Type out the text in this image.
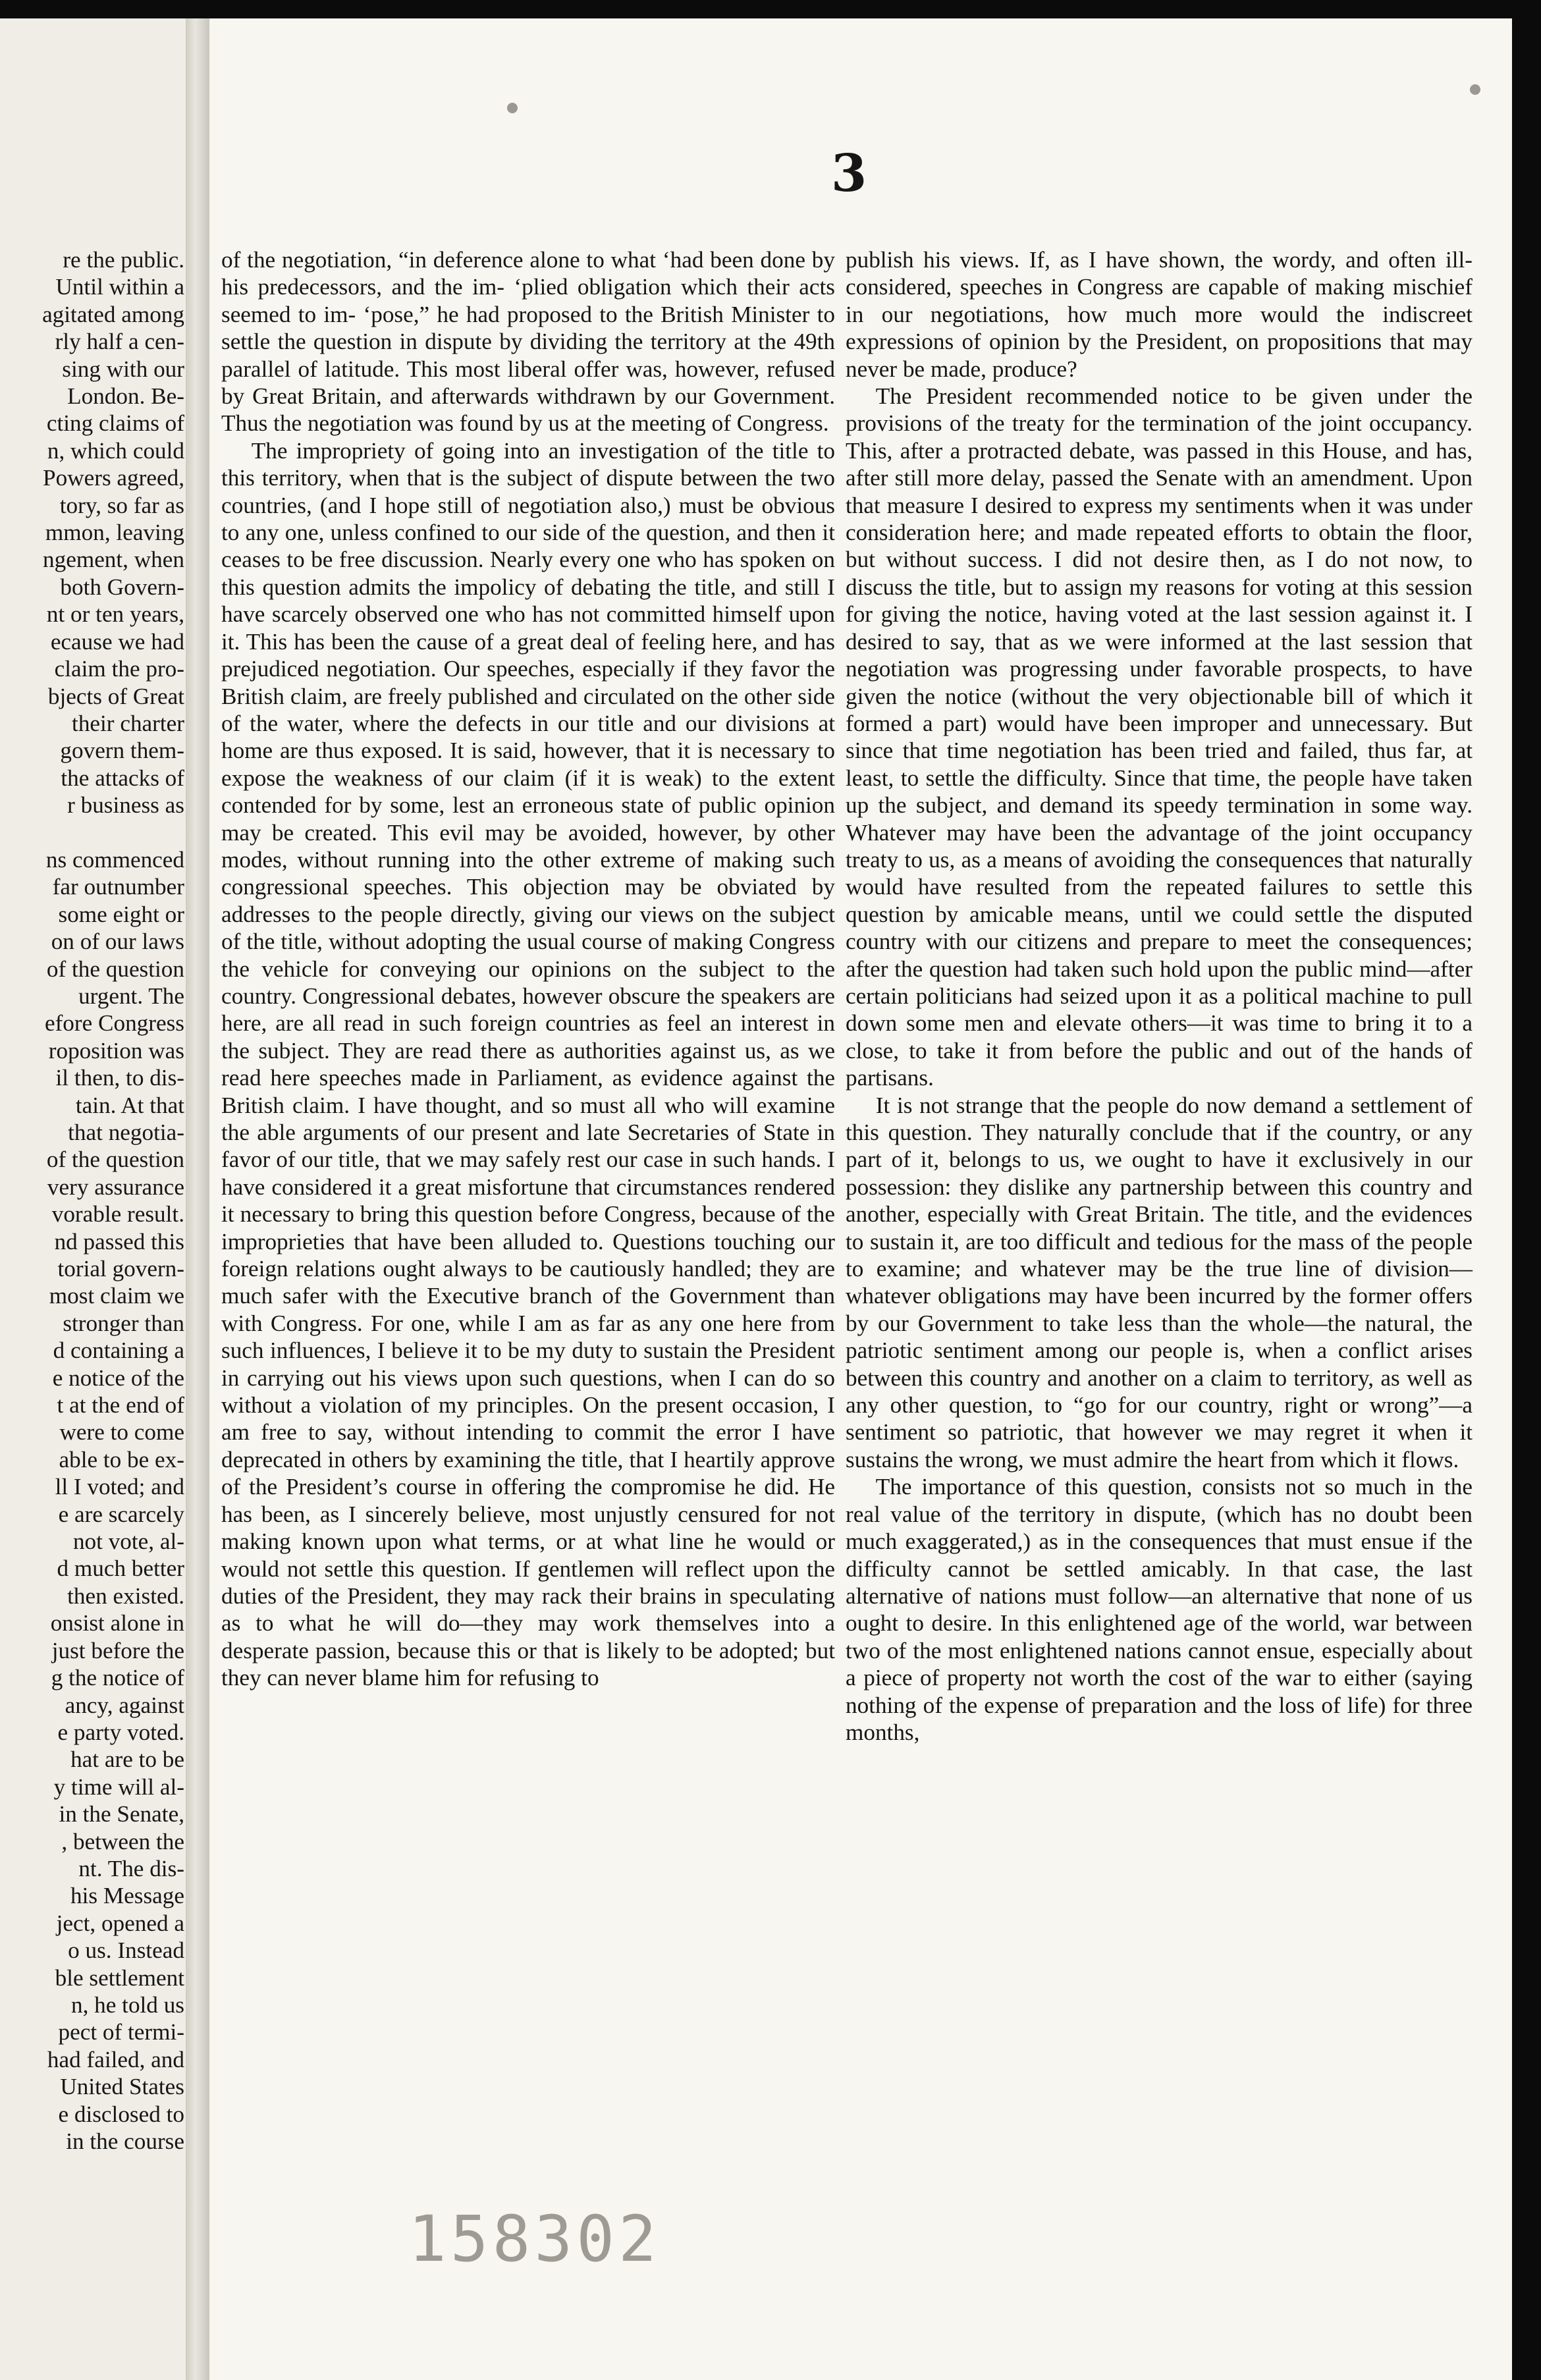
re the public.
Until within a
agitated among
rly half a cen-
sing with our
London. Be-
cting claims of
n, which could
Powers agreed,
tory, so far as
mmon, leaving
ngement, when
both Govern-
nt or ten years,
ecause we had
claim the pro-
bjects of Great
their charter
govern them-
the attacks of
r business as
ns commenced
far outnumber
some eight or
on of our laws
of the question
urgent. The
efore Congress
roposition was
il then, to dis-
tain. At that
that negotia-
of the question
very assurance
vorable result.
nd passed this
torial govern-
most claim we
stronger than
d containing a
e notice of the
t at the end of
were to come
able to be ex-
ll I voted; and
e are scarcely
not vote, al-
d much better
then existed.
onsist alone in
just before the
g the notice of
ancy, against
e party voted.
hat are to be
y time will al-
in the Senate,
, between the
nt. The dis-
his Message
ject, opened a
o us. Instead
ble settlement
n, he told us
pect of termi-
had failed, and
United States
e disclosed to
in the course
3

of the negotiation, “in deference alone to what ‘had been done by his predecessors, and the im- ‘plied obligation which their acts seemed to im- ‘pose,” he had proposed to the British Minister to settle the question in dispute by dividing the territory at the 49th parallel of latitude. This most liberal offer was, however, refused by Great Britain, and afterwards withdrawn by our Government. Thus the negotiation was found by us at the meeting of Congress.

The impropriety of going into an investigation of the title to this territory, when that is the subject of dispute between the two countries, (and I hope still of negotiation also,) must be obvious to any one, unless confined to our side of the question, and then it ceases to be free discussion. Nearly every one who has spoken on this question admits the impolicy of debating the title, and still I have scarcely observed one who has not committed himself upon it. This has been the cause of a great deal of feeling here, and has prejudiced negotiation. Our speeches, especially if they favor the British claim, are freely published and circulated on the other side of the water, where the defects in our title and our divisions at home are thus exposed. It is said, however, that it is necessary to expose the weakness of our claim (if it is weak) to the extent contended for by some, lest an erroneous state of public opinion may be created. This evil may be avoided, however, by other modes, without running into the other extreme of making such congressional speeches. This objection may be obviated by addresses to the people directly, giving our views on the subject of the title, without adopting the usual course of making Congress the vehicle for conveying our opinions on the subject to the country. Congressional debates, however obscure the speakers are here, are all read in such foreign countries as feel an interest in the subject. They are read there as authorities against us, as we read here speeches made in Parliament, as evidence against the British claim. I have thought, and so must all who will examine the able arguments of our present and late Secretaries of State in favor of our title, that we may safely rest our case in such hands. I have considered it a great misfortune that circumstances rendered it necessary to bring this question before Congress, because of the improprieties that have been alluded to. Questions touching our foreign relations ought always to be cautiously handled; they are much safer with the Executive branch of the Government than with Congress. For one, while I am as far as any one here from such influences, I believe it to be my duty to sustain the President in carrying out his views upon such questions, when I can do so without a violation of my principles. On the present occasion, I am free to say, without intending to commit the error I have deprecated in others by examining the title, that I heartily approve of the President’s course in offering the compromise he did. He has been, as I sincerely believe, most unjustly censured for not making known upon what terms, or at what line he would or would not settle this question. If gentlemen will reflect upon the duties of the President, they may rack their brains in speculating as to what he will do—they may work themselves into a desperate passion, because this or that is likely to be adopted; but they can never blame him for refusing to

publish his views. If, as I have shown, the wordy, and often ill-considered, speeches in Congress are capable of making mischief in our negotiations, how much more would the indiscreet expressions of opinion by the President, on propositions that may never be made, produce?

The President recommended notice to be given under the provisions of the treaty for the termination of the joint occupancy. This, after a protracted debate, was passed in this House, and has, after still more delay, passed the Senate with an amendment. Upon that measure I desired to express my sentiments when it was under consideration here; and made repeated efforts to obtain the floor, but without success. I did not desire then, as I do not now, to discuss the title, but to assign my reasons for voting at this session for giving the notice, having voted at the last session against it. I desired to say, that as we were informed at the last session that negotiation was progressing under favorable prospects, to have given the notice (without the very objectionable bill of which it formed a part) would have been improper and unnecessary. But since that time negotiation has been tried and failed, thus far, at least, to settle the difficulty. Since that time, the people have taken up the subject, and demand its speedy termination in some way. Whatever may have been the advantage of the joint occupancy treaty to us, as a means of avoiding the consequences that naturally would have resulted from the repeated failures to settle this question by amicable means, until we could settle the disputed country with our citizens and prepare to meet the consequences; after the question had taken such hold upon the public mind—after certain politicians had seized upon it as a political machine to pull down some men and elevate others—it was time to bring it to a close, to take it from before the public and out of the hands of partisans.

It is not strange that the people do now demand a settlement of this question. They naturally conclude that if the country, or any part of it, belongs to us, we ought to have it exclusively in our possession: they dislike any partnership between this country and another, especially with Great Britain. The title, and the evidences to sustain it, are too difficult and tedious for the mass of the people to examine; and whatever may be the true line of division—whatever obligations may have been incurred by the former offers by our Government to take less than the whole—the natural, the patriotic sentiment among our people is, when a conflict arises between this country and another on a claim to territory, as well as any other question, to “go for our country, right or wrong”—a sentiment so patriotic, that however we may regret it when it sustains the wrong, we must admire the heart from which it flows.

The importance of this question, consists not so much in the real value of the territory in dispute, (which has no doubt been much exaggerated,) as in the consequences that must ensue if the difficulty cannot be settled amicably. In that case, the last alternative of nations must follow—an alternative that none of us ought to desire. In this enlightened age of the world, war between two of the most enlightened nations cannot ensue, especially about a piece of property not worth the cost of the war to either (saying nothing of the expense of preparation and the loss of life) for three months,

158302
